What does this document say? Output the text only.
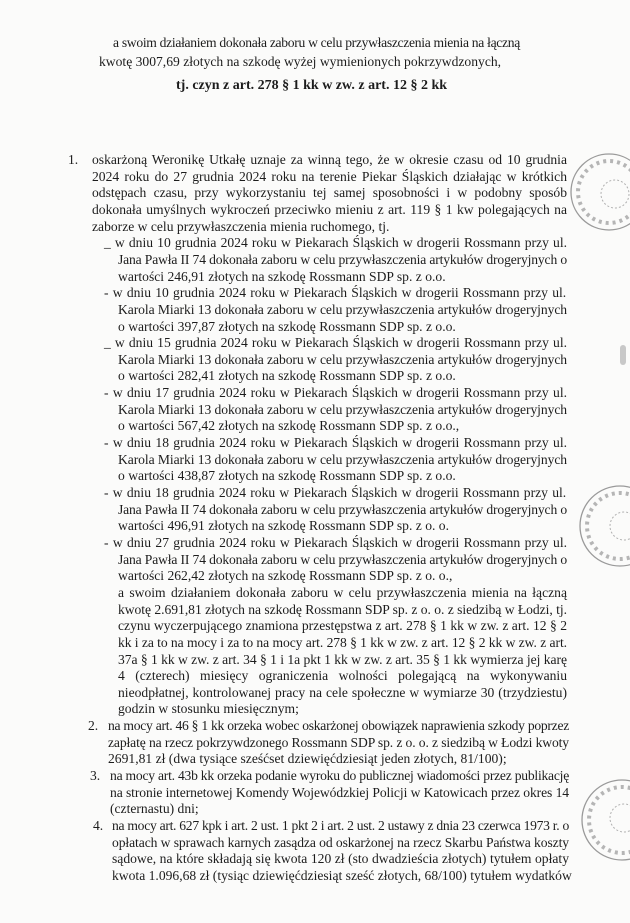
a swoim działaniem dokonała zaboru w celu przywłaszczenia mienia na łączną
kwotę 3007,69 złotych na szkodę wyżej wymienionych pokrzywdzonych,
tj. czyn z art. 278 § 1 kk w zw. z art. 12 § 2 kk
1. oskarżoną Weronikę Utkałę uznaje za winną tego, że w okresie czasu od 10 grudnia
2024 roku do 27 grudnia 2024 roku na terenie Piekar Śląskich działając w krótkich
odstępach czasu, przy wykorzystaniu tej samej sposobności i w podobny sposób
dokonała umyślnych wykroczeń przeciwko mieniu z art. 119 § 1 kw polegających na
zaborze w celu przywłaszczenia mienia ruchomego, tj.
_ w dniu 10 grudnia 2024 roku w Piekarach Śląskich w drogerii Rossmann przy ul.
Jana Pawła II 74 dokonała zaboru w celu przywłaszczenia artykułów drogeryjnych o
wartości 246,91 złotych na szkodę Rossmann SDP sp. z o.o.
- w dniu 10 grudnia 2024 roku w Piekarach Śląskich w drogerii Rossmann przy ul.
Karola Miarki 13 dokonała zaboru w celu przywłaszczenia artykułów drogeryjnych
o wartości 397,87 złotych na szkodę Rossmann SDP sp. z o.o.
_ w dniu 15 grudnia 2024 roku w Piekarach Śląskich w drogerii Rossmann przy ul.
Karola Miarki 13 dokonała zaboru w celu przywłaszczenia artykułów drogeryjnych
o wartości 282,41 złotych na szkodę Rossmann SDP sp. z o.o.
- w dniu 17 grudnia 2024 roku w Piekarach Śląskich w drogerii Rossmann przy ul.
Karola Miarki 13 dokonała zaboru w celu przywłaszczenia artykułów drogeryjnych
o wartości 567,42 złotych na szkodę Rossmann SDP sp. z o.o.,
- w dniu 18 grudnia 2024 roku w Piekarach Śląskich w drogerii Rossmann przy ul.
Karola Miarki 13 dokonała zaboru w celu przywłaszczenia artykułów drogeryjnych
o wartości 438,87 złotych na szkodę Rossmann SDP sp. z o.o.
- w dniu 18 grudnia 2024 roku w Piekarach Śląskich w drogerii Rossmann przy ul.
Jana Pawła II 74 dokonała zaboru w celu przywłaszczenia artykułów drogeryjnych o
wartości 496,91 złotych na szkodę Rossmann SDP sp. z o. o.
- w dniu 27 grudnia 2024 roku w Piekarach Śląskich w drogerii Rossmann przy ul.
Jana Pawła II 74 dokonała zaboru w celu przywłaszczenia artykułów drogeryjnych o
wartości 262,42 złotych na szkodę Rossmann SDP sp. z o. o.,
a swoim działaniem dokonała zaboru w celu przywłaszczenia mienia na łączną
kwotę 2.691,81 złotych na szkodę Rossmann SDP sp. z o. o. z siedzibą w Łodzi, tj.
czynu wyczerpującego znamiona przestępstwa z art. 278 § 1 kk w zw. z art. 12 § 2
kk i za to na mocy i za to na mocy art. 278 § 1 kk w zw. z art. 12 § 2 kk w zw. z art.
37a § 1 kk w zw. z art. 34 § 1 i 1a pkt 1 kk w zw. z art. 35 § 1 kk wymierza jej karę
4 (czterech) miesięcy ograniczenia wolności polegającą na wykonywaniu
nieodpłatnej, kontrolowanej pracy na cele społeczne w wymiarze 30 (trzydziestu)
godzin w stosunku miesięcznym;
2. na mocy art. 46 § 1 kk orzeka wobec oskarżonej obowiązek naprawienia szkody poprzez
zapłatę na rzecz pokrzywdzonego Rossmann SDP sp. z o. o. z siedzibą w Łodzi kwoty
2691,81 zł (dwa tysiące sześćset dziewięćdziesiąt jeden złotych, 81/100);
3. na mocy art. 43b kk orzeka podanie wyroku do publicznej wiadomości przez publikację
na stronie internetowej Komendy Wojewódzkiej Policji w Katowicach przez okres 14
(czternastu) dni;
4. na mocy art. 627 kpk i art. 2 ust. 1 pkt 2 i art. 2 ust. 2 ustawy z dnia 23 czerwca 1973 r. o
opłatach w sprawach karnych zasądza od oskarżonej na rzecz Skarbu Państwa koszty
sądowe, na które składają się kwota 120 zł (sto dwadzieścia złotych) tytułem opłaty
kwota 1.096,68 zł (tysiąc dziewięćdziesiąt sześć złotych, 68/100) tytułem wydatków
